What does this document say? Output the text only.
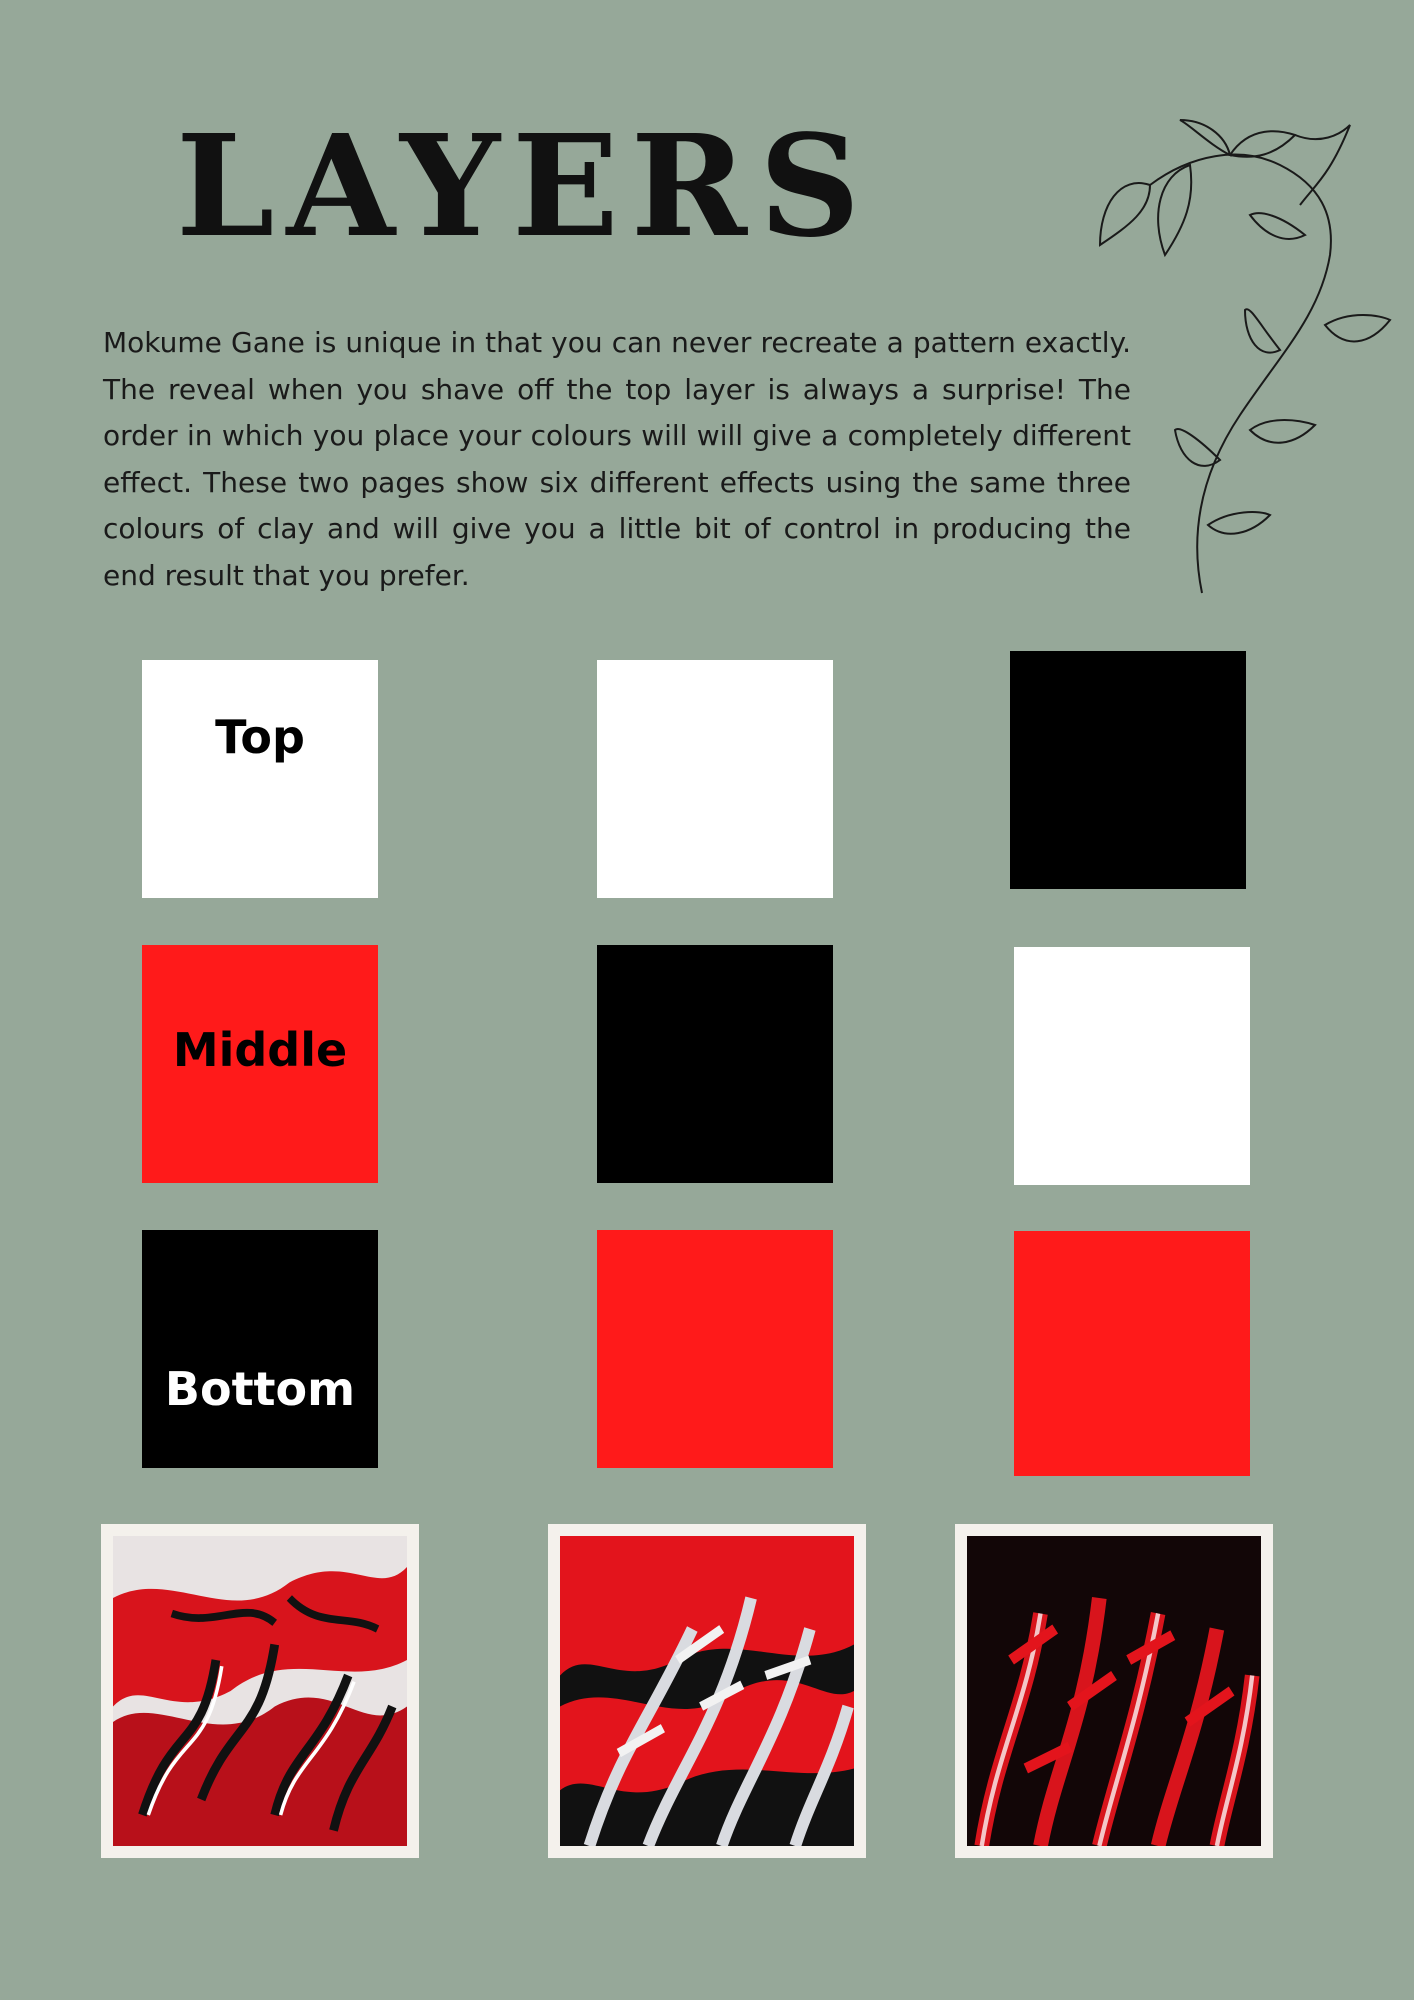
LAYERS

Mokume Gane is unique in that you can never recreate a pattern exactly. The reveal when you shave off the top layer is always a surprise! The order in which you place your colours will will give a completely different effect. These two pages show six different effects using the same three colours of clay and will give you a little bit of control in producing the end result that you prefer.

Top
Middle
Bottom
